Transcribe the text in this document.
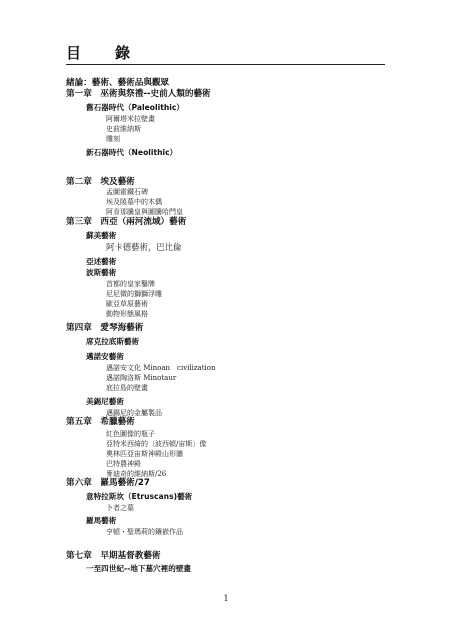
目 錄
緒論：藝術、藝術品與觀眾
第一章　巫術與祭禮--史前人類的藝術
舊石器時代（Paleolithic）
阿爾塔米拉壁畫
史前維納斯
雕刻
新石器時代（Neolithic）
第二章　埃及藝術
孟圖霍鐵石碑
埃及陵墓中的木偶
阿肯那騰皇與圖騰哈門皇
第三章　西亞（兩河流域）藝術
蘇美藝術
阿卡德藝術，巴比倫
亞述藝術
波斯藝術
首都的皇家鑿牌
尼尼微的獅獅浮雕
歐亞草原藝術
動物形態風格
第四章　愛琴海藝術
席克拉底斯藝術
邁諾安藝術
邁諾安文化 Minoan　civilization
邁諾陶洛斯 Minotaur
底拉島的壁畫
美錫尼藝術
邁錫尼的金屬製品
第五章　希臘藝術
紅色圖像的瓶子
亞特米西綺的〔波西頓/宙斯〕像
奧林匹亞宙斯神殿山形牆
巴特農神殿
麥迪奇的維納斯/26
第六章　羅馬藝術/27
意特拉斯坎（Etruscans)藝術
卜者之墓
羅馬藝術
亨頓・聖瑪莉的鑲嵌作品
第七章　早期基督教藝術
一至四世紀--地下墓穴裡的壁畫
1
